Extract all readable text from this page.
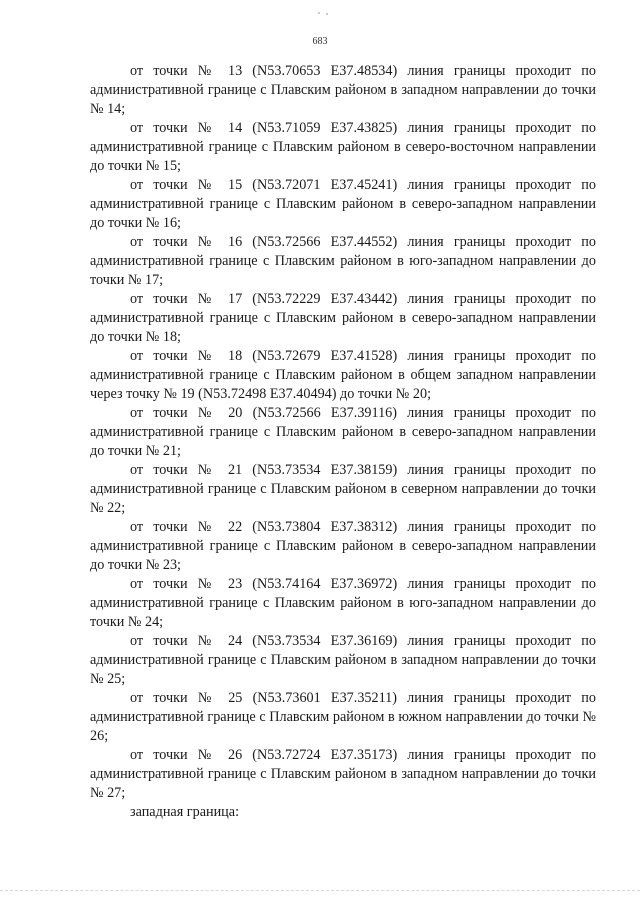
683

от точки № 13 (N53.70653 E37.48534) линия границы проходит по административной границе с Плавским районом в западном направлении до точки № 14;

от точки № 14 (N53.71059 E37.43825) линия границы проходит по административной границе с Плавским районом в северо-восточном направлении до точки № 15;

от точки № 15 (N53.72071 E37.45241) линия границы проходит по административной границе с Плавским районом в северо-западном направлении до точки № 16;

от точки № 16 (N53.72566 E37.44552) линия границы проходит по административной границе с Плавским районом в юго-западном направлении до точки № 17;

от точки № 17 (N53.72229 E37.43442) линия границы проходит по административной границе с Плавским районом в северо-западном направлении до точки № 18;

от точки № 18 (N53.72679 E37.41528) линия границы проходит по административной границе с Плавским районом в общем западном направлении через точку № 19 (N53.72498 E37.40494) до точки № 20;

от точки № 20 (N53.72566 E37.39116) линия границы проходит по административной границе с Плавским районом в северо-западном направлении до точки № 21;

от точки № 21 (N53.73534 E37.38159) линия границы проходит по административной границе с Плавским районом в северном направлении до точки № 22;

от точки № 22 (N53.73804 E37.38312) линия границы проходит по административной границе с Плавским районом в северо-западном направлении до точки № 23;

от точки № 23 (N53.74164 E37.36972) линия границы проходит по административной границе с Плавским районом в юго-западном направлении до точки № 24;

от точки № 24 (N53.73534 E37.36169) линия границы проходит по административной границе с Плавским районом в западном направлении до точки № 25;

от точки № 25 (N53.73601 E37.35211) линия границы проходит по административной границе с Плавским районом в южном направлении до точки № 26;

от точки № 26 (N53.72724 E37.35173) линия границы проходит по административной границе с Плавским районом в западном направлении до точки № 27;

западная граница:
